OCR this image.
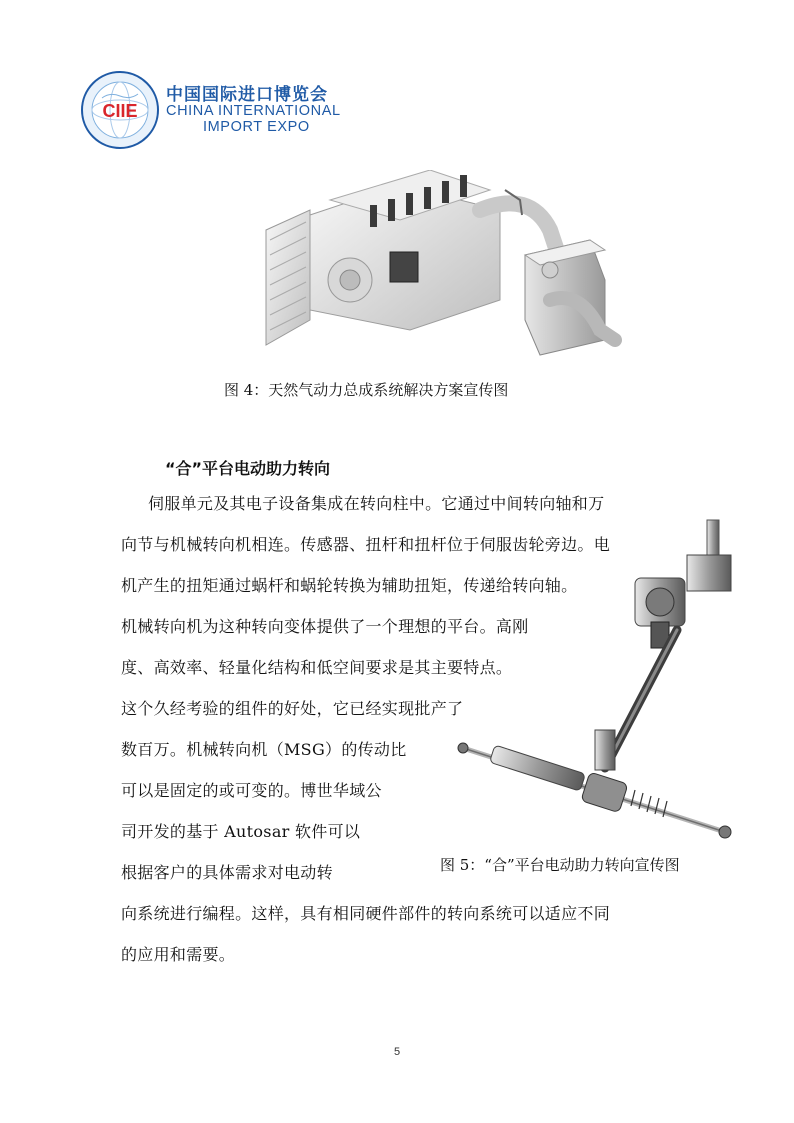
CIIE
中国国际进口博览会
CHINA INTERNATIONAL
IMPORT EXPO
图 4：天然气动力总成系统解决方案宣传图
“合”平台电动助力转向
伺服单元及其电子设备集成在转向柱中。它通过中间转向轴和万
向节与机械转向机相连。传感器、扭杆和扭杆位于伺服齿轮旁边。电
机产生的扭矩通过蜗杆和蜗轮转换为辅助扭矩，传递给转向轴。
机械转向机为这种转向变体提供了一个理想的平台。高刚
度、高效率、轻量化结构和低空间要求是其主要特点。
这个久经考验的组件的好处，它已经实现批产了
数百万。机械转向机（MSG）的传动比
可以是固定的或可变的。博世华域公
司开发的基于 Autosar 软件可以
根据客户的具体需求对电动转
向系统进行编程。这样，具有相同硬件部件的转向系统可以适应不同
的应用和需要。
图 5：“合”平台电动助力转向宣传图
5
